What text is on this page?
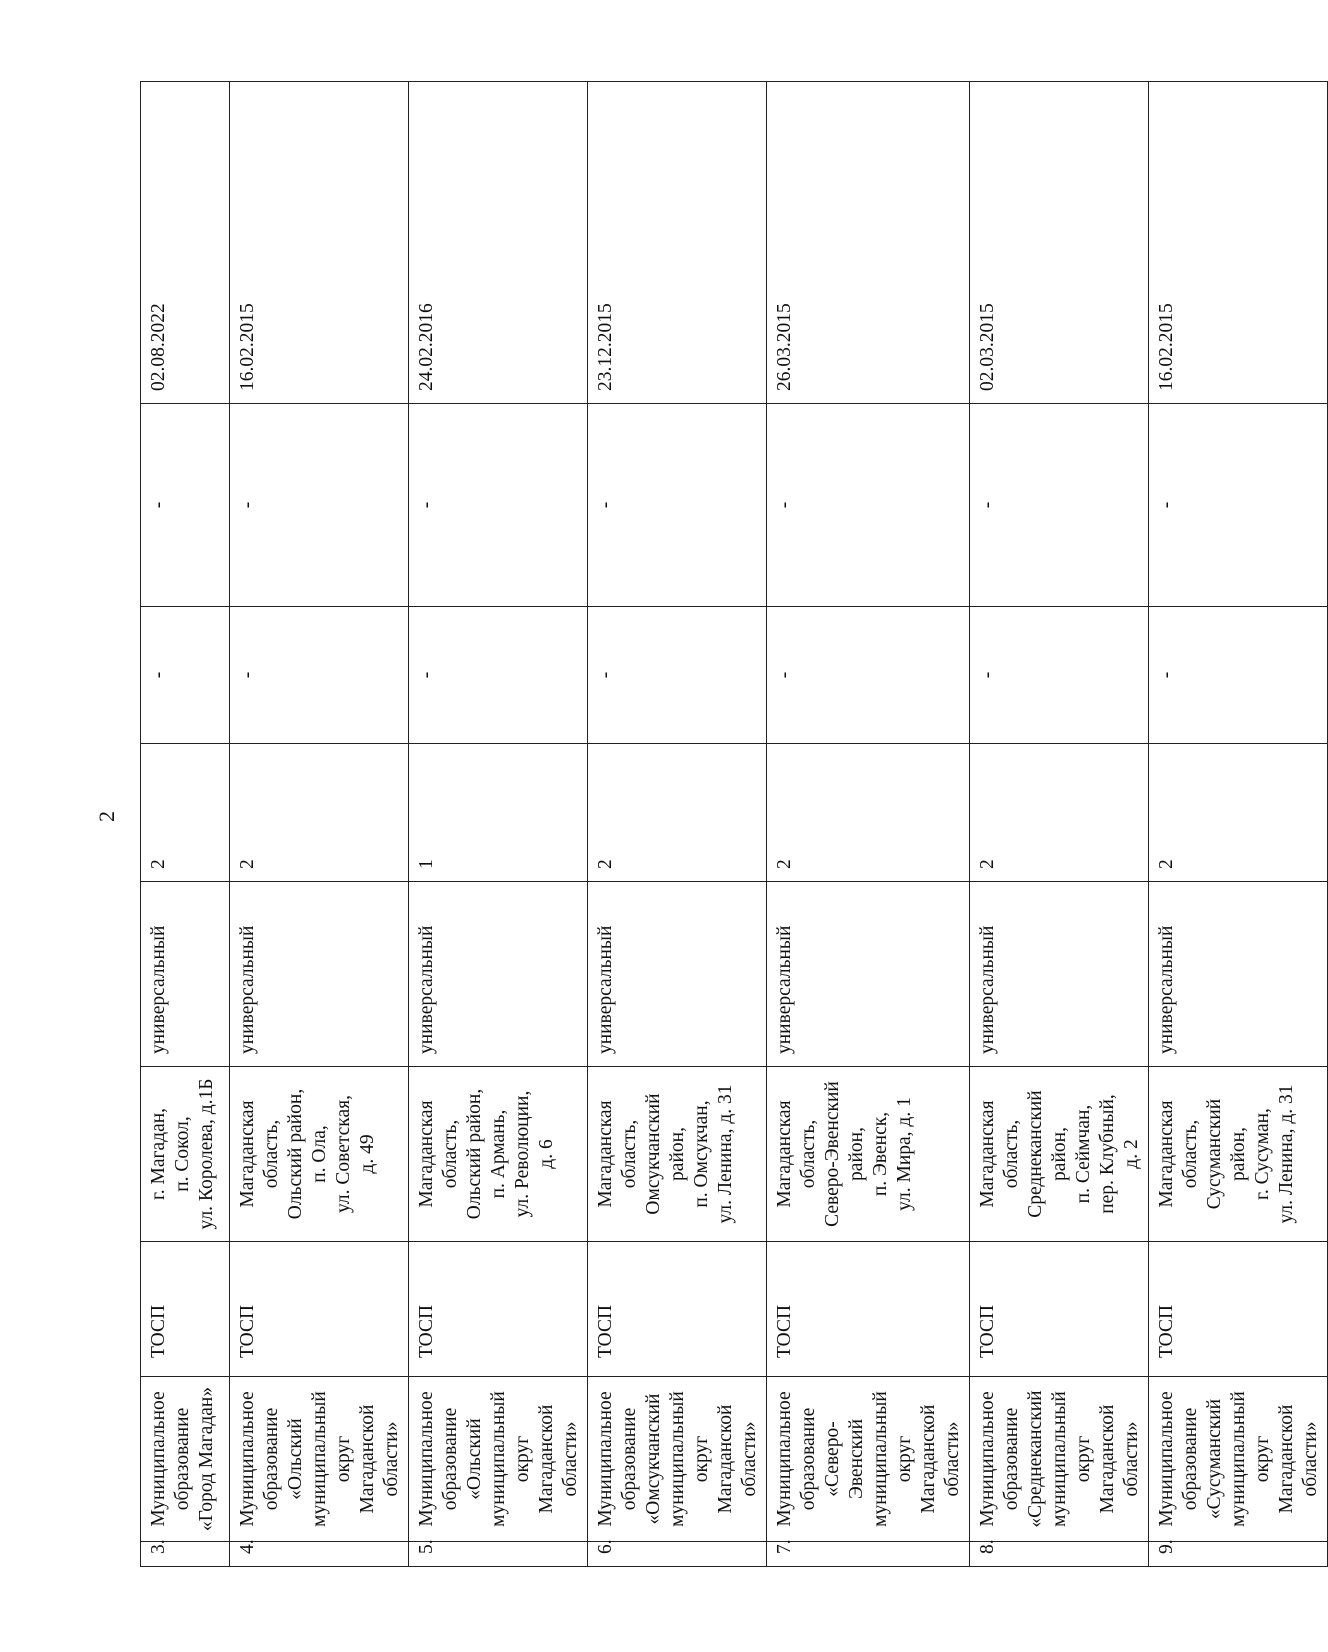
2
3.	Муниципальное образование «Город Магадан»	ТОСП	г. Магадан, п. Сокол, ул. Королева, д.1Б	универсальный	2	-	-	02.08.2022
4.	Муниципальное образование «Ольский муниципальный округ Магаданской области»	ТОСП	Магаданская область, Ольский район, п. Ола, ул. Советская, д. 49	универсальный	2	-	-	16.02.2015
5.	Муниципальное образование «Ольский муниципальный округ Магаданской области»	ТОСП	Магаданская область, Ольский район, п. Армань, ул. Революции, д. 6	универсальный	1	-	-	24.02.2016
6.	Муниципальное образование «Омсукчанский муниципальный округ Магаданской области»	ТОСП	Магаданская область, Омсукчанский район, п. Омсукчан, ул. Ленина, д. 31	универсальный	2	-	-	23.12.2015
7.	Муниципальное образование «Северо-Эвенский муниципальный округ Магаданской области»	ТОСП	Магаданская область, Северо-Эвенский район, п. Эвенск, ул. Мира, д. 1	универсальный	2	-	-	26.03.2015
8.	Муниципальное образование «Среднеканский муниципальный округ Магаданской области»	ТОСП	Магаданская область, Среднеканский район, п. Сеймчан, пер. Клубный, д. 2	универсальный	2	-	-	02.03.2015
9.	Муниципальное образование «Сусуманский муниципальный округ Магаданской области»	ТОСП	Магаданская область, Сусуманский район, г. Сусуман, ул. Ленина, д. 31	универсальный	2	-	-	16.02.2015
